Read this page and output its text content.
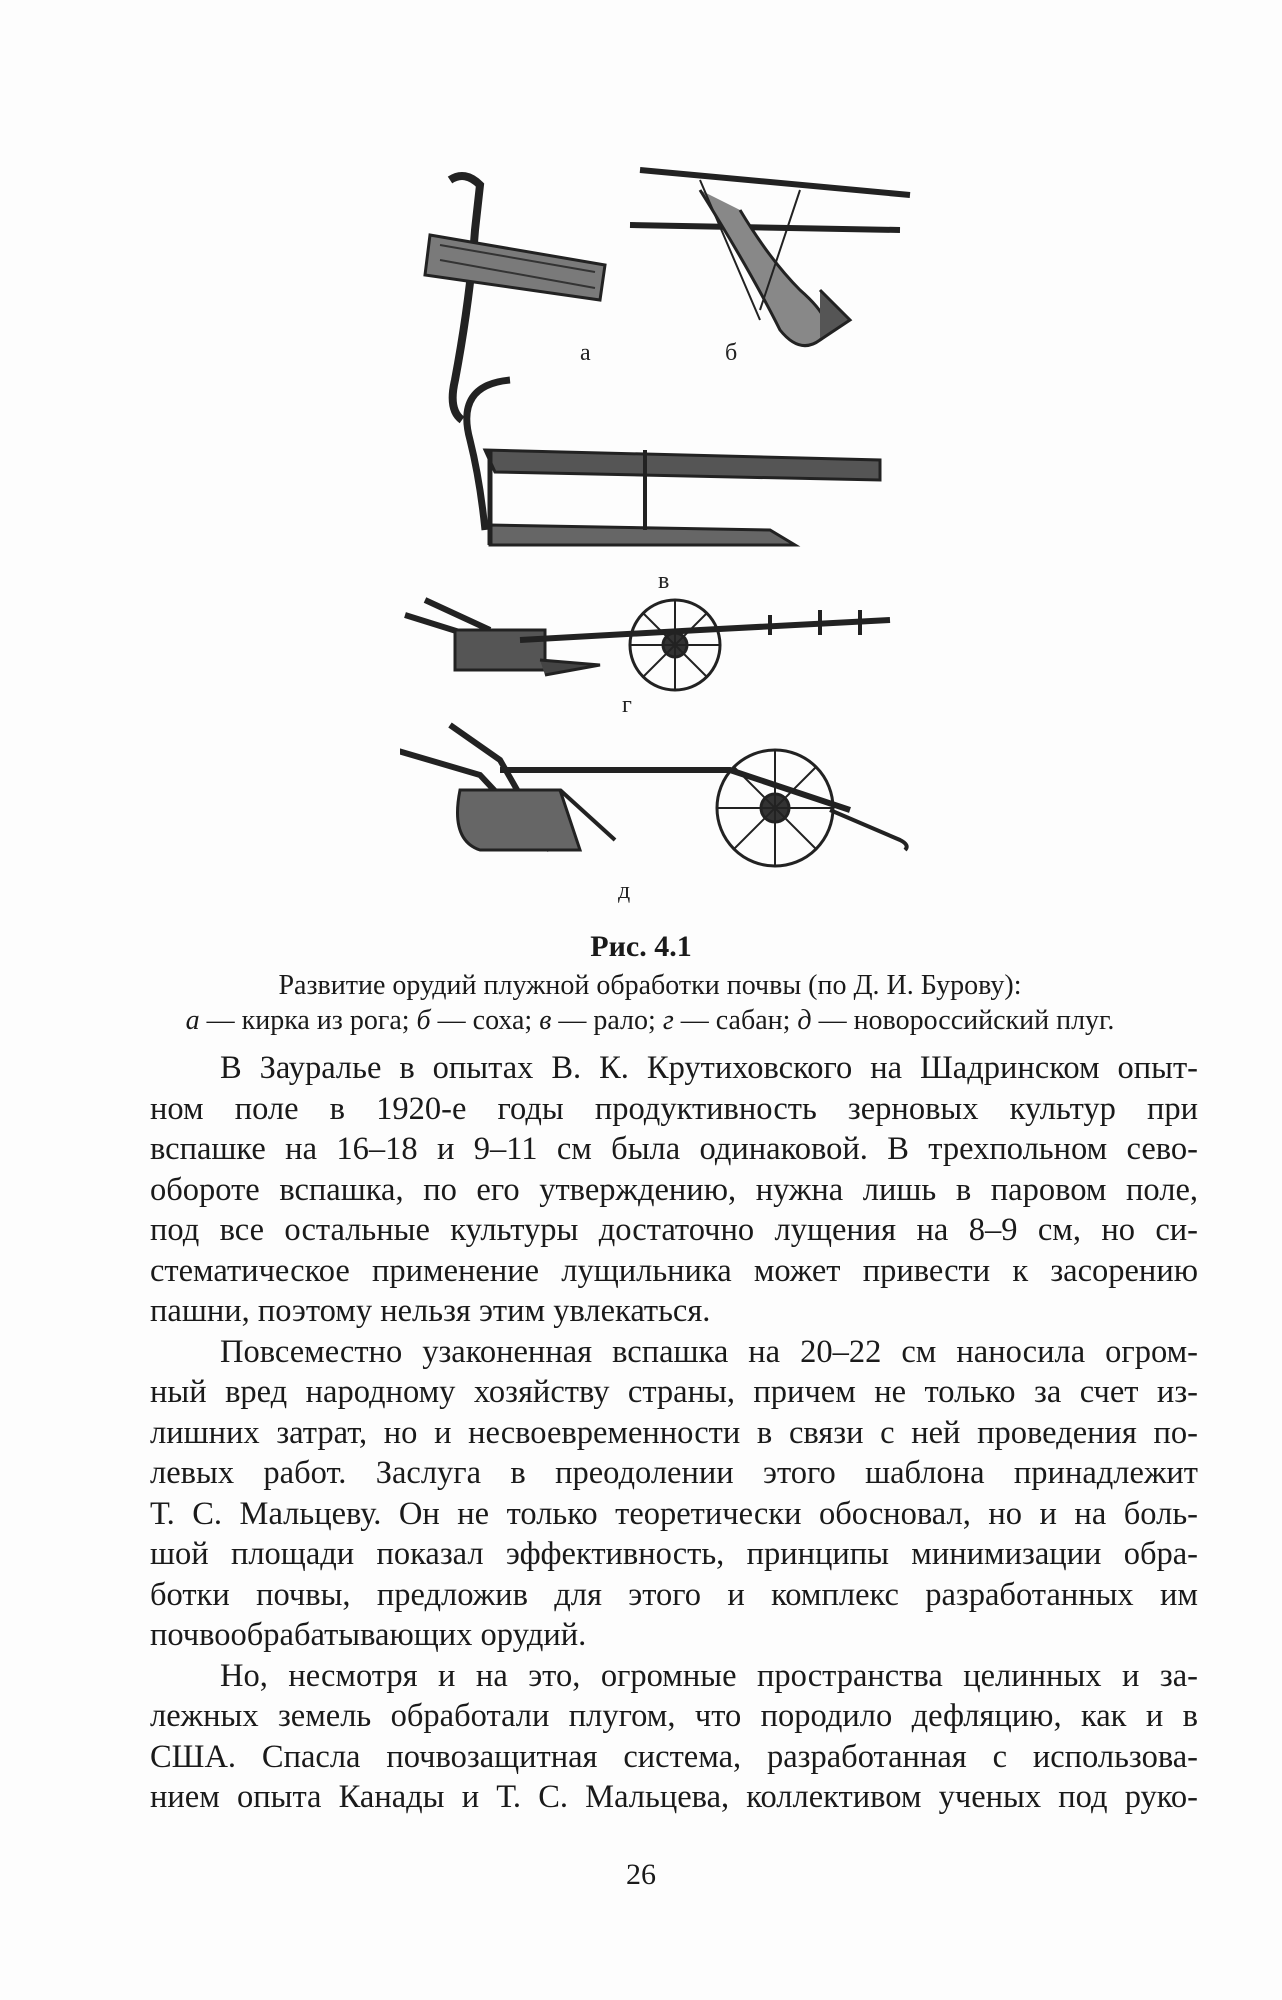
а	б
в
г
д
Рис. 4.1
Развитие орудий плужной обработки почвы (по Д. И. Бурову):
а — кирка из рога; б — соха; в — рало; г — сабан; д — новороссийский плуг.

В Зауралье в опытах В. К. Крутиховского на Шадринском опыт-

ном поле в 1920-е годы продуктивность зерновых культур при

вспашке на 16–18 и 9–11 см была одинаковой. В трехпольном сево-

обороте вспашка, по его утверждению, нужна лишь в паровом поле,

под все остальные культуры достаточно лущения на 8–9 см, но си-

стематическое применение лущильника может привести к засорению

пашни, поэтому нельзя этим увлекаться.

Повсеместно узаконенная вспашка на 20–22 см наносила огром-

ный вред народному хозяйству страны, причем не только за счет из-

лишних затрат, но и несвоевременности в связи с ней проведения по-

левых работ. Заслуга в преодолении этого шаблона принадлежит

Т. С. Мальцеву. Он не только теоретически обосновал, но и на боль-

шой площади показал эффективность, принципы минимизации обра-

ботки почвы, предложив для этого и комплекс разработанных им

почвообрабатывающих орудий.

Но, несмотря и на это, огромные пространства целинных и за-

лежных земель обработали плугом, что породило дефляцию, как и в

США. Спасла почвозащитная система, разработанная с использова-

нием опыта Канады и Т. С. Мальцева, коллективом ученых под руко-

26
